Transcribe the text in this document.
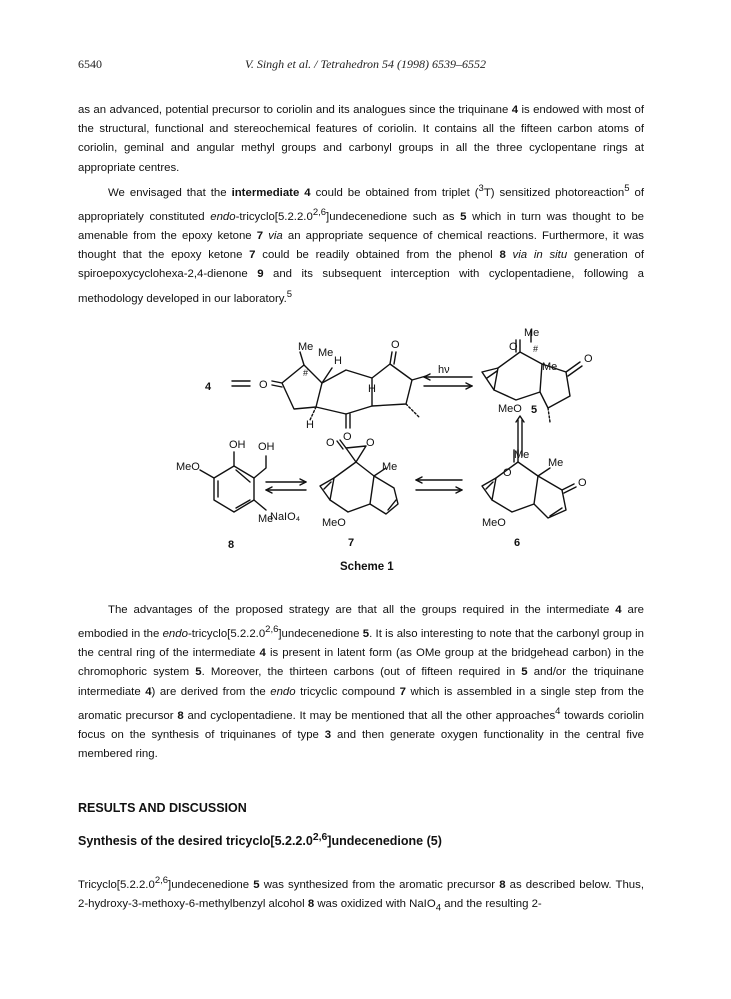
6540	V. Singh et al. / Tetrahedron 54 (1998) 6539–6552

as an advanced, potential precursor to coriolin and its analogues since the triquinane 4 is endowed with most of the structural, functional and stereochemical features of coriolin. It contains all the fifteen carbon atoms of coriolin, geminal and angular methyl groups and carbonyl groups in all the three cyclopentane rings at appropriate centres.

We envisaged that the intermediate 4 could be obtained from triplet ($^3$T) sensitized photoreaction$^5$ of appropriately constituted endo-tricyclo[5.2.2.0$^{2,6}$]undecenedione such as 5 which in turn was thought to be amenable from the epoxy ketone 7 via an appropriate sequence of chemical reactions. Furthermore, it was thought that the epoxy ketone 7 could be readily obtained from the phenol 8 via in situ generation of spiroepoxycyclohexa-2,4-dienone 9 and its subsequent interception with cyclopentadiene, following a methodology developed in our laboratory.$^5$

4	O
Me Me
H
#
H
O
H
O
hν
Me
O #
Me
O
MeO 5
OH OH
MeO
Me
8
NaIO₄
O	O
Me
MeO
7
Me
O
Me
O
MeO
6
Scheme 1

The advantages of the proposed strategy are that all the groups required in the intermediate 4 are embodied in the endo-tricyclo[5.2.2.0$^{2,6}$]undecenedione 5. It is also interesting to note that the carbonyl group in the central ring of the intermediate 4 is present in latent form (as OMe group at the bridgehead carbon) in the chromophoric system 5. Moreover, the thirteen carbons (out of fifteen required in 5 and/or the triquinane intermediate 4) are derived from the endo tricyclic compound 7 which is assembled in a single step from the aromatic precursor 8 and cyclopentadiene. It may be mentioned that all the other approaches$^4$ towards coriolin focus on the synthesis of triquinanes of type 3 and then generate oxygen functionality in the central five membered ring.

RESULTS AND DISCUSSION
Synthesis of the desired tricyclo[5.2.2.0$^{2,6}$]undecenedione (5)

Tricyclo[5.2.2.0$^{2,6}$]undecenedione 5 was synthesized from the aromatic precursor 8 as described below. Thus, 2-hydroxy-3-methoxy-6-methylbenzyl alcohol 8 was oxidized with NaIO$_4$ and the resulting 2-
